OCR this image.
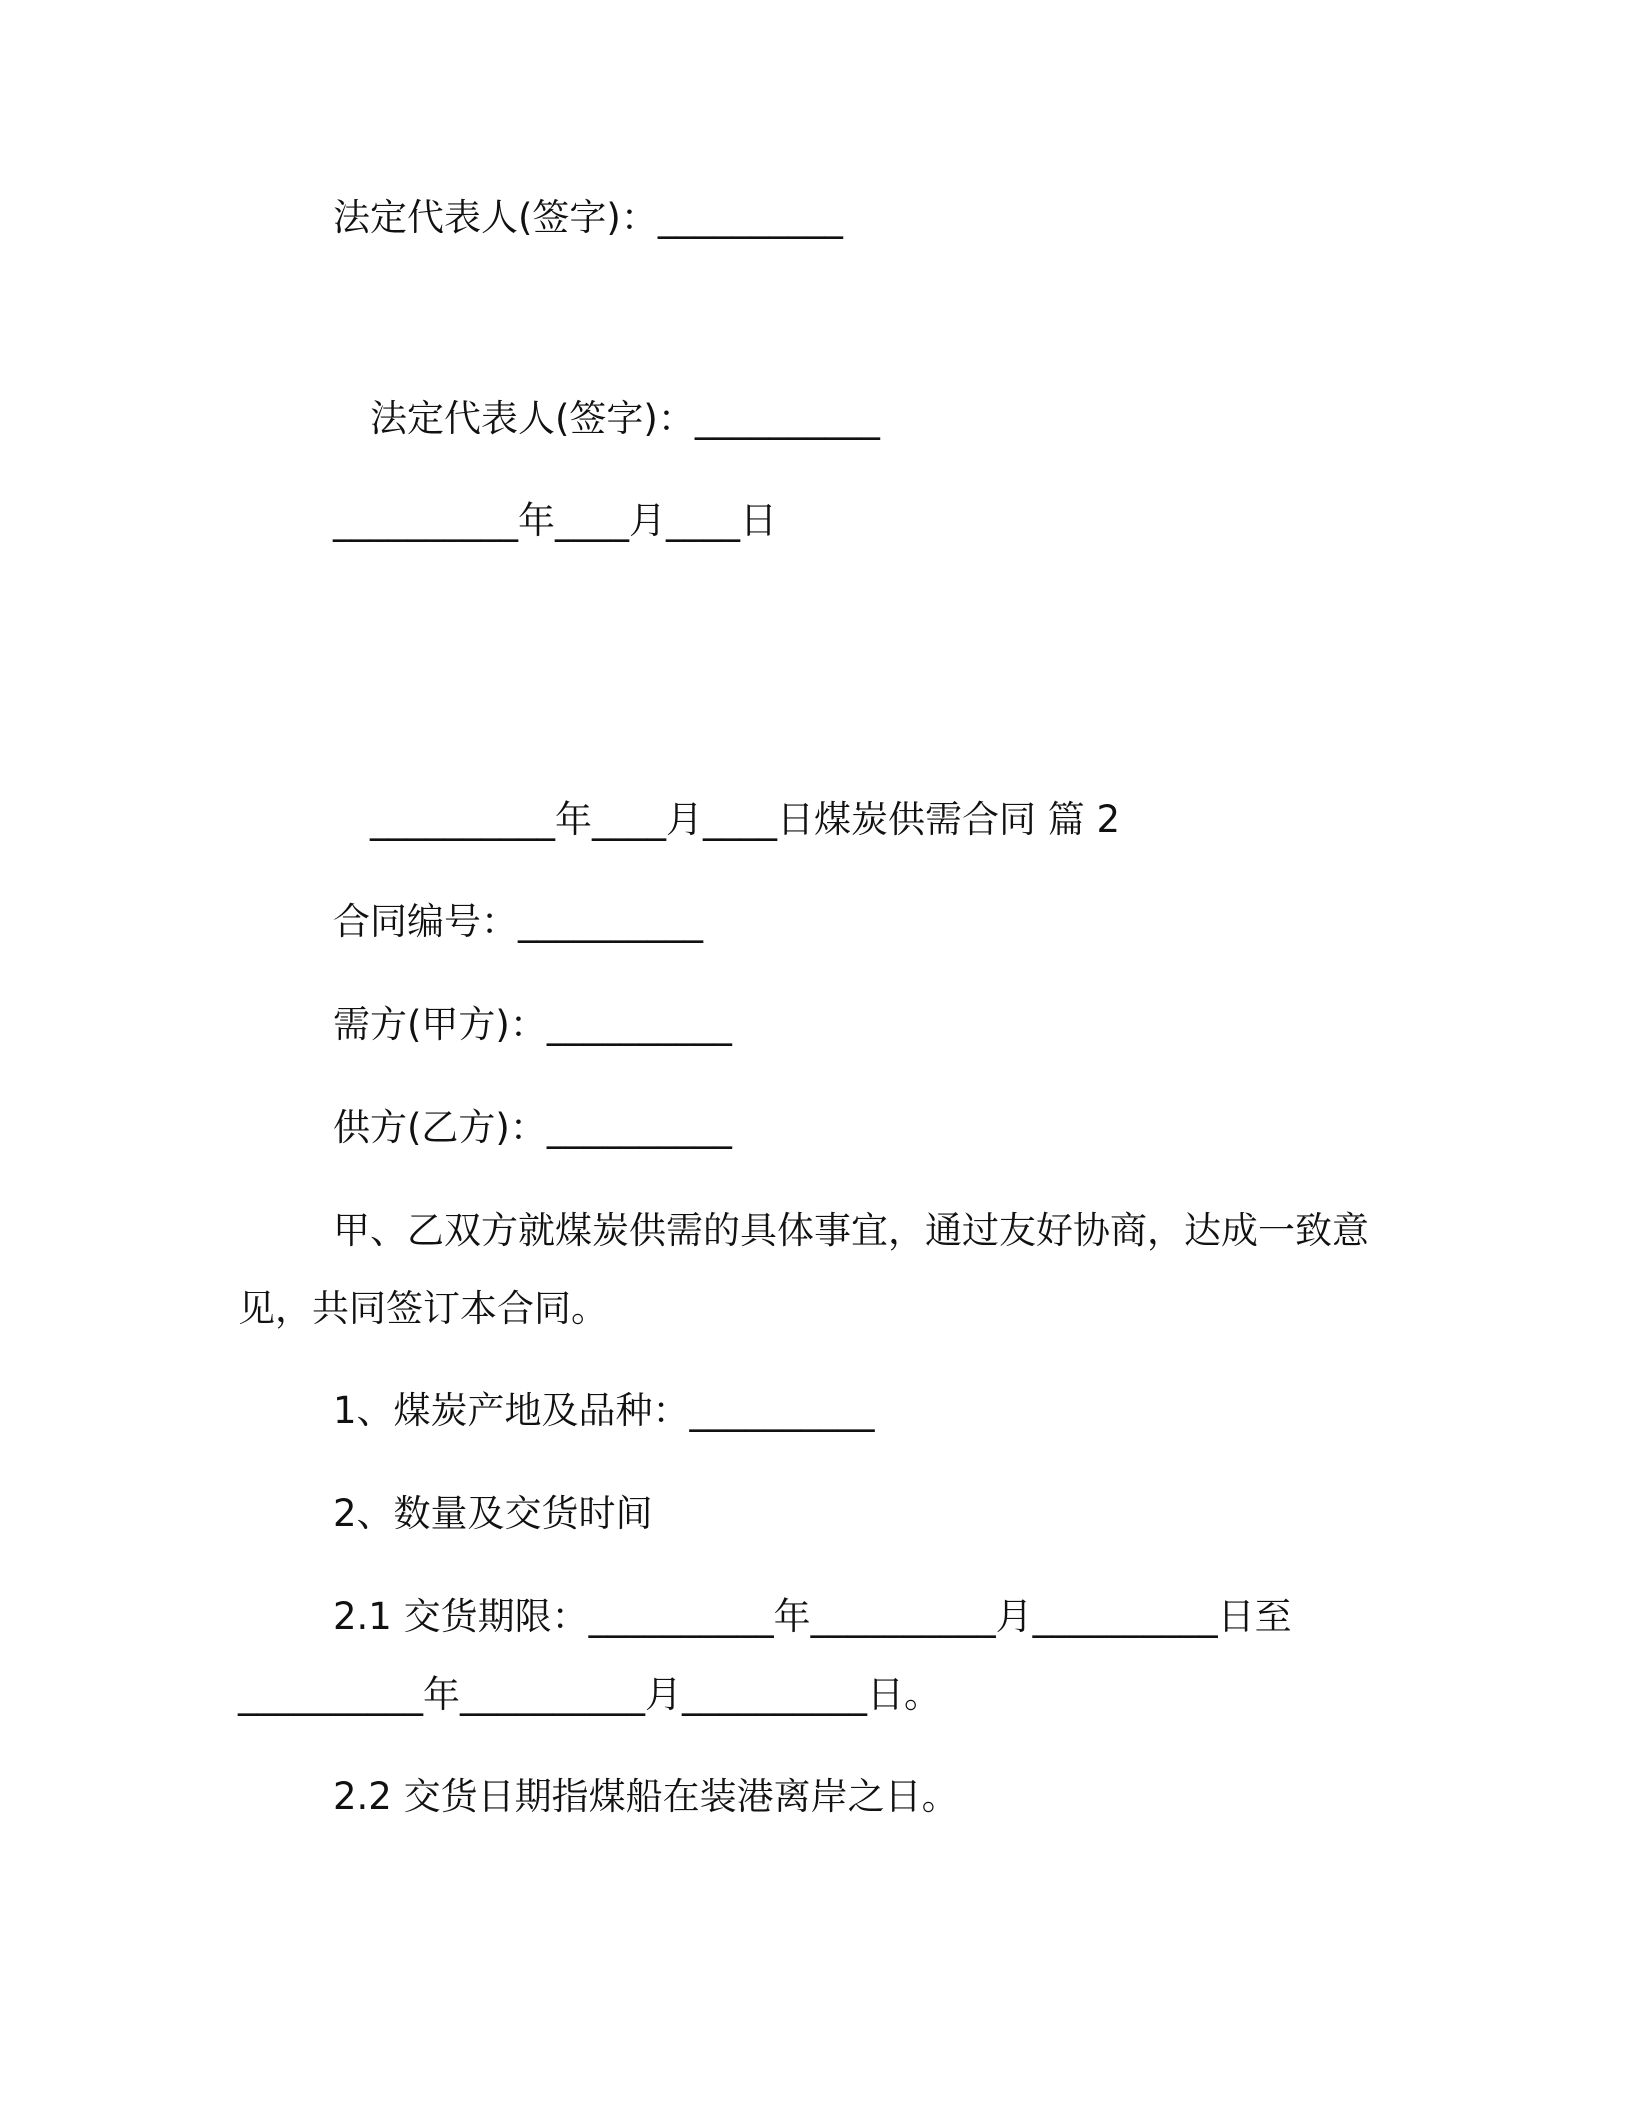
法定代表人(签字)：__________
法定代表人(签字)：__________
__________年____月____日
__________年____月____日煤炭供需合同 篇 2
合同编号：__________
需方(甲方)：__________
供方(乙方)：__________
甲、乙双方就煤炭供需的具体事宜，通过友好协商，达成一致意
见，共同签订本合同。
1、煤炭产地及品种：__________
2、数量及交货时间
2.1 交货期限：__________年__________月__________日至
__________年__________月__________日。
2.2 交货日期指煤船在装港离岸之日。
